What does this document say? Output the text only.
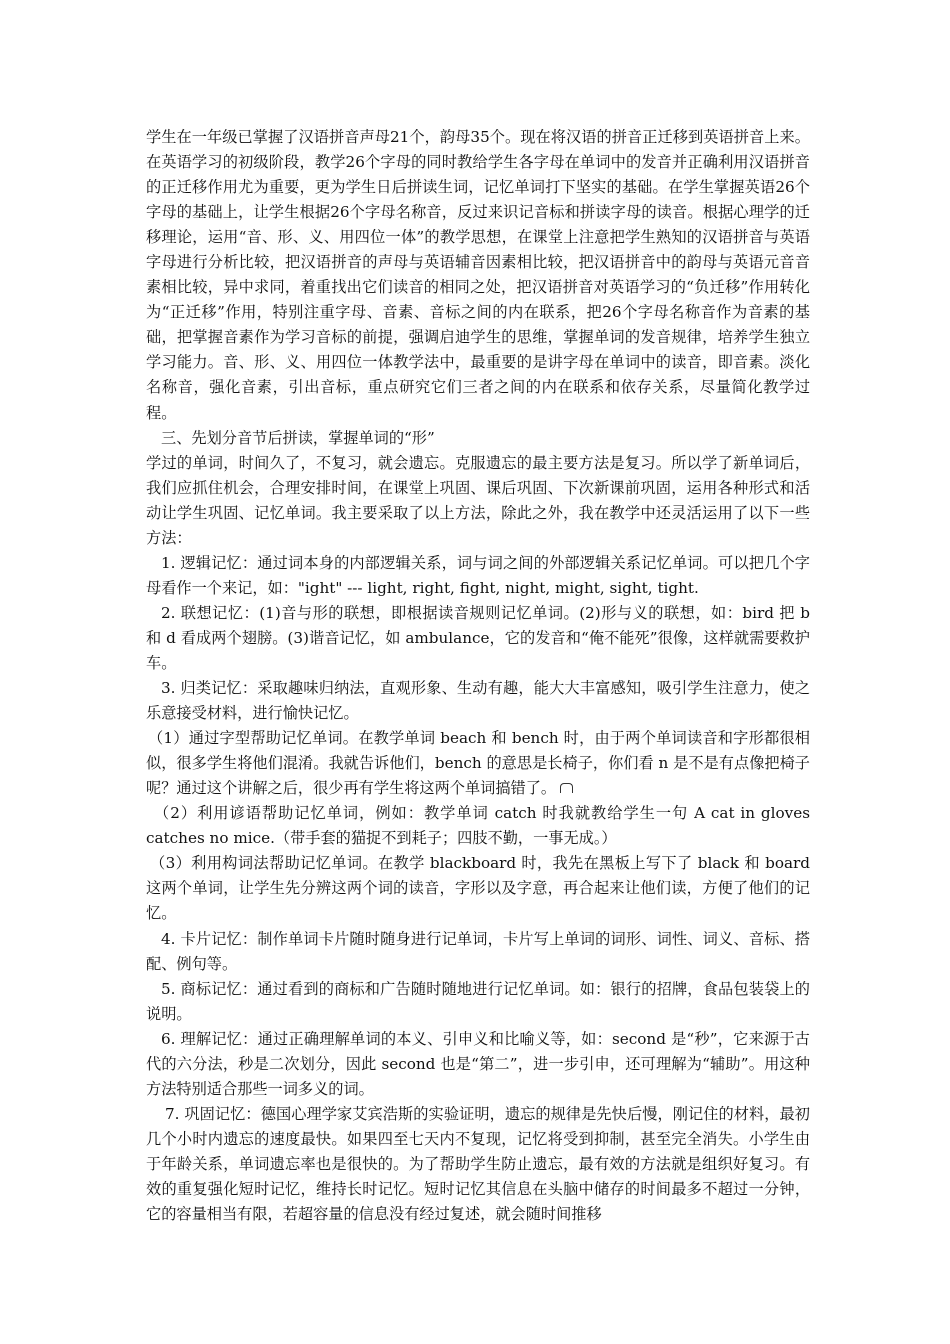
学生在一年级已掌握了汉语拼音声母21个，韵母35个。现在将汉语的拼音正迁移到英语拼音上来。在英语学习的初级阶段，教学26个字母的同时教给学生各字母在单词中的发音并正确利用汉语拼音的正迁移作用尤为重要，更为学生日后拼读生词，记忆单词打下坚实的基础。在学生掌握英语26个字母的基础上，让学生根据26个字母名称音，反过来识记音标和拼读字母的读音。根据心理学的迁移理论，运用“音、形、义、用四位一体”的教学思想，在课堂上注意把学生熟知的汉语拼音与英语字母进行分析比较，把汉语拼音的声母与英语辅音因素相比较，把汉语拼音中的韵母与英语元音音素相比较，异中求同，着重找出它们读音的相同之处，把汉语拼音对英语学习的“负迁移”作用转化为“正迁移”作用，特别注重字母、音素、音标之间的内在联系，把26个字母名称音作为音素的基础，把掌握音素作为学习音标的前提，强调启迪学生的思维，掌握单词的发音规律，培养学生独立学习能力。音、形、义、用四位一体教学法中，最重要的是讲字母在单词中的读音，即音素。淡化名称音，强化音素，引出音标，重点研究它们三者之间的内在联系和依存关系，尽量简化教学过程。

三、先划分音节后拼读，掌握单词的“形”

学过的单词，时间久了，不复习，就会遗忘。克服遗忘的最主要方法是复习。所以学了新单词后，我们应抓住机会，合理安排时间，在课堂上巩固、课后巩固、下次新课前巩固，运用各种形式和活动让学生巩固、记忆单词。我主要采取了以上方法，除此之外，我在教学中还灵活运用了以下一些方法：

1. 逻辑记忆：通过词本身的内部逻辑关系，词与词之间的外部逻辑关系记忆单词。可以把几个字母看作一个来记，如："ight" --- light, right, fight, night, might, sight, tight.

2. 联想记忆：(1)音与形的联想，即根据读音规则记忆单词。(2)形与义的联想，如：bird 把 b 和 d 看成两个翅膀。(3)谐音记忆，如 ambulance，它的发音和“俺不能死”很像，这样就需要救护车。

3. 归类记忆：采取趣味归纳法，直观形象、生动有趣，能大大丰富感知，吸引学生注意力，使之乐意接受材料，进行愉快记忆。

（1）通过字型帮助记忆单词。在教学单词 beach 和 bench 时，由于两个单词读音和字形都很相似，很多学生将他们混淆。我就告诉他们，bench 的意思是长椅子，你们看 n 是不是有点像把椅子呢？通过这个讲解之后，很少再有学生将这两个单词搞错了。

（2）利用谚语帮助记忆单词，例如：教学单词 catch 时我就教给学生一句 A cat in gloves catches no mice.（带手套的猫捉不到耗子；四肢不勤，一事无成。）

（3）利用构词法帮助记忆单词。在教学 blackboard 时，我先在黑板上写下了 black 和 board 这两个单词，让学生先分辨这两个词的读音，字形以及字意，再合起来让他们读，方便了他们的记忆。

4. 卡片记忆：制作单词卡片随时随身进行记单词，卡片写上单词的词形、词性、词义、音标、搭配、例句等。

5. 商标记忆：通过看到的商标和广告随时随地进行记忆单词。如：银行的招牌，食品包装袋上的说明。

6. 理解记忆：通过正确理解单词的本义、引申义和比喻义等，如：second 是“秒”，它来源于古代的六分法，秒是二次划分，因此 second 也是“第二”，进一步引申，还可理解为“辅助”。用这种方法特别适合那些一词多义的词。

7. 巩固记忆：德国心理学家艾宾浩斯的实验证明，遗忘的规律是先快后慢，刚记住的材料，最初几个小时内遗忘的速度最快。如果四至七天内不复现，记忆将受到抑制，甚至完全消失。小学生由于年龄关系，单词遗忘率也是很快的。为了帮助学生防止遗忘，最有效的方法就是组织好复习。有效的重复强化短时记忆，维持长时记忆。短时记忆其信息在头脑中储存的时间最多不超过一分钟，它的容量相当有限，若超容量的信息没有经过复述，就会随时间推移
